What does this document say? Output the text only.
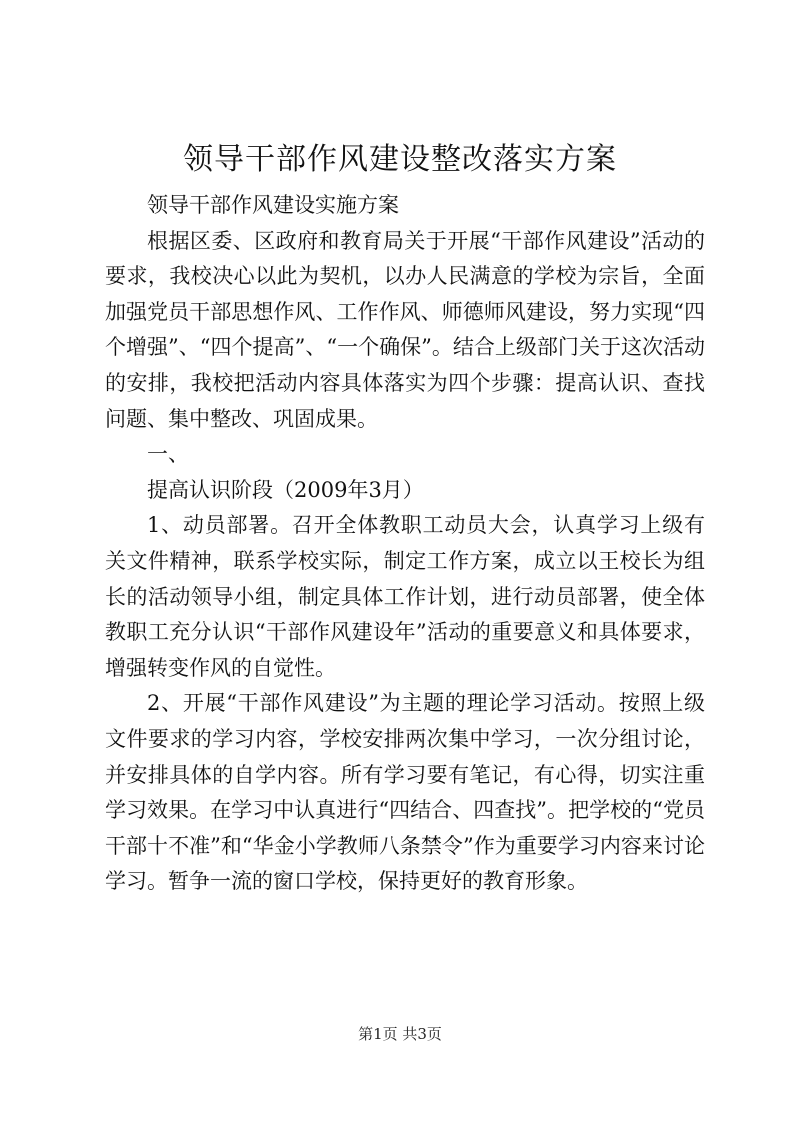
领导干部作风建设整改落实方案

领导干部作风建设实施方案

根据区委、区政府和教育局关于开展“干部作风建设”活动的要求，我校决心以此为契机，以办人民满意的学校为宗旨，全面加强党员干部思想作风、工作作风、师德师风建设，努力实现“四个增强”、“四个提高”、“一个确保”。结合上级部门关于这次活动的安排，我校把活动内容具体落实为四个步骤：提高认识、查找问题、集中整改、巩固成果。

一、

提高认识阶段（2009年3月）

1、动员部署。召开全体教职工动员大会，认真学习上级有关文件精神，联系学校实际，制定工作方案，成立以王校长为组长的活动领导小组，制定具体工作计划，进行动员部署，使全体教职工充分认识“干部作风建设年”活动的重要意义和具体要求，增强转变作风的自觉性。

2、开展“干部作风建设”为主题的理论学习活动。按照上级文件要求的学习内容，学校安排两次集中学习，一次分组讨论，并安排具体的自学内容。所有学习要有笔记，有心得，切实注重学习效果。在学习中认真进行“四结合、四查找”。把学校的“党员干部十不准”和“华金小学教师八条禁令”作为重要学习内容来讨论学习。暂争一流的窗口学校，保持更好的教育形象。

第1页 共3页
